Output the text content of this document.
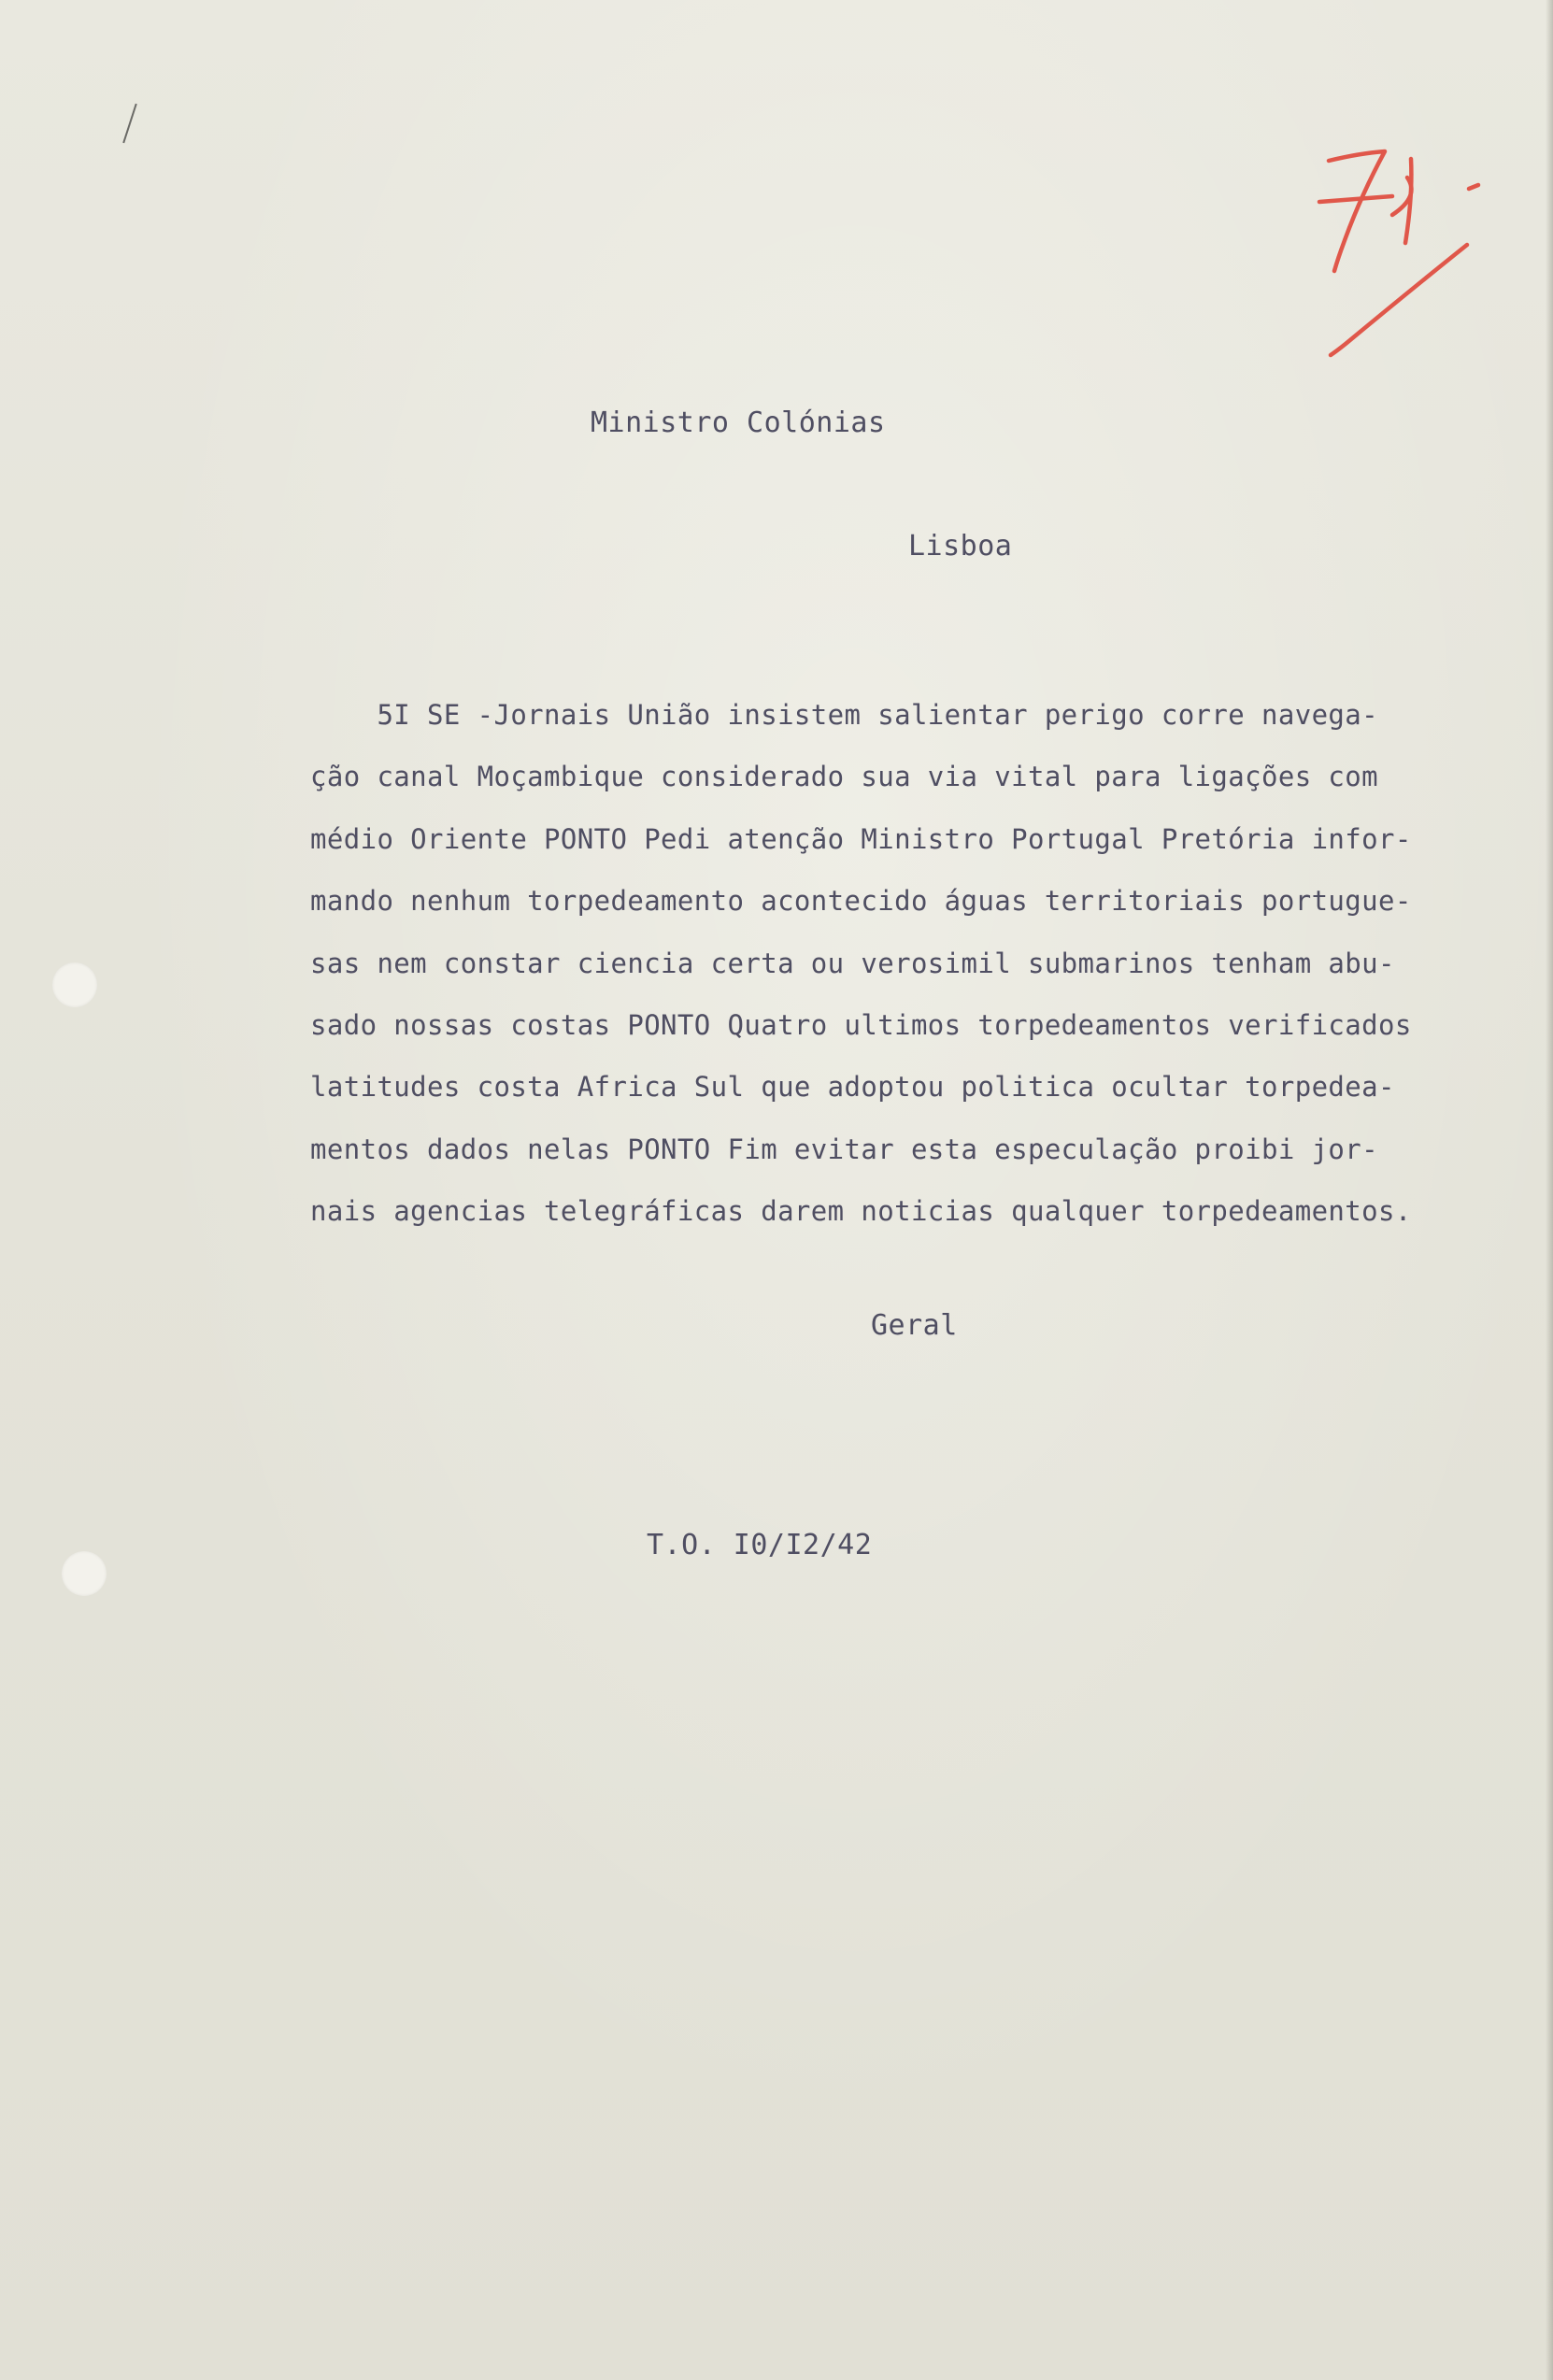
Ministro Colónias
Lisboa
5I SE -Jornais União insistem salientar perigo corre navega-
ção canal Moçambique considerado sua via vital para ligações com
médio Oriente PONTO Pedi atenção Ministro Portugal Pretória infor-
mando nenhum torpedeamento acontecido águas territoriais portugue-
sas nem constar ciencia certa ou verosimil submarinos tenham abu-
sado nossas costas PONTO Quatro ultimos torpedeamentos verificados
latitudes costa Africa Sul que adoptou politica ocultar torpedea-
mentos dados nelas PONTO Fim evitar esta especulação proibi jor-
nais agencias telegráficas darem noticias qualquer torpedeamentos.
Geral
T.O. I0/I2/42
